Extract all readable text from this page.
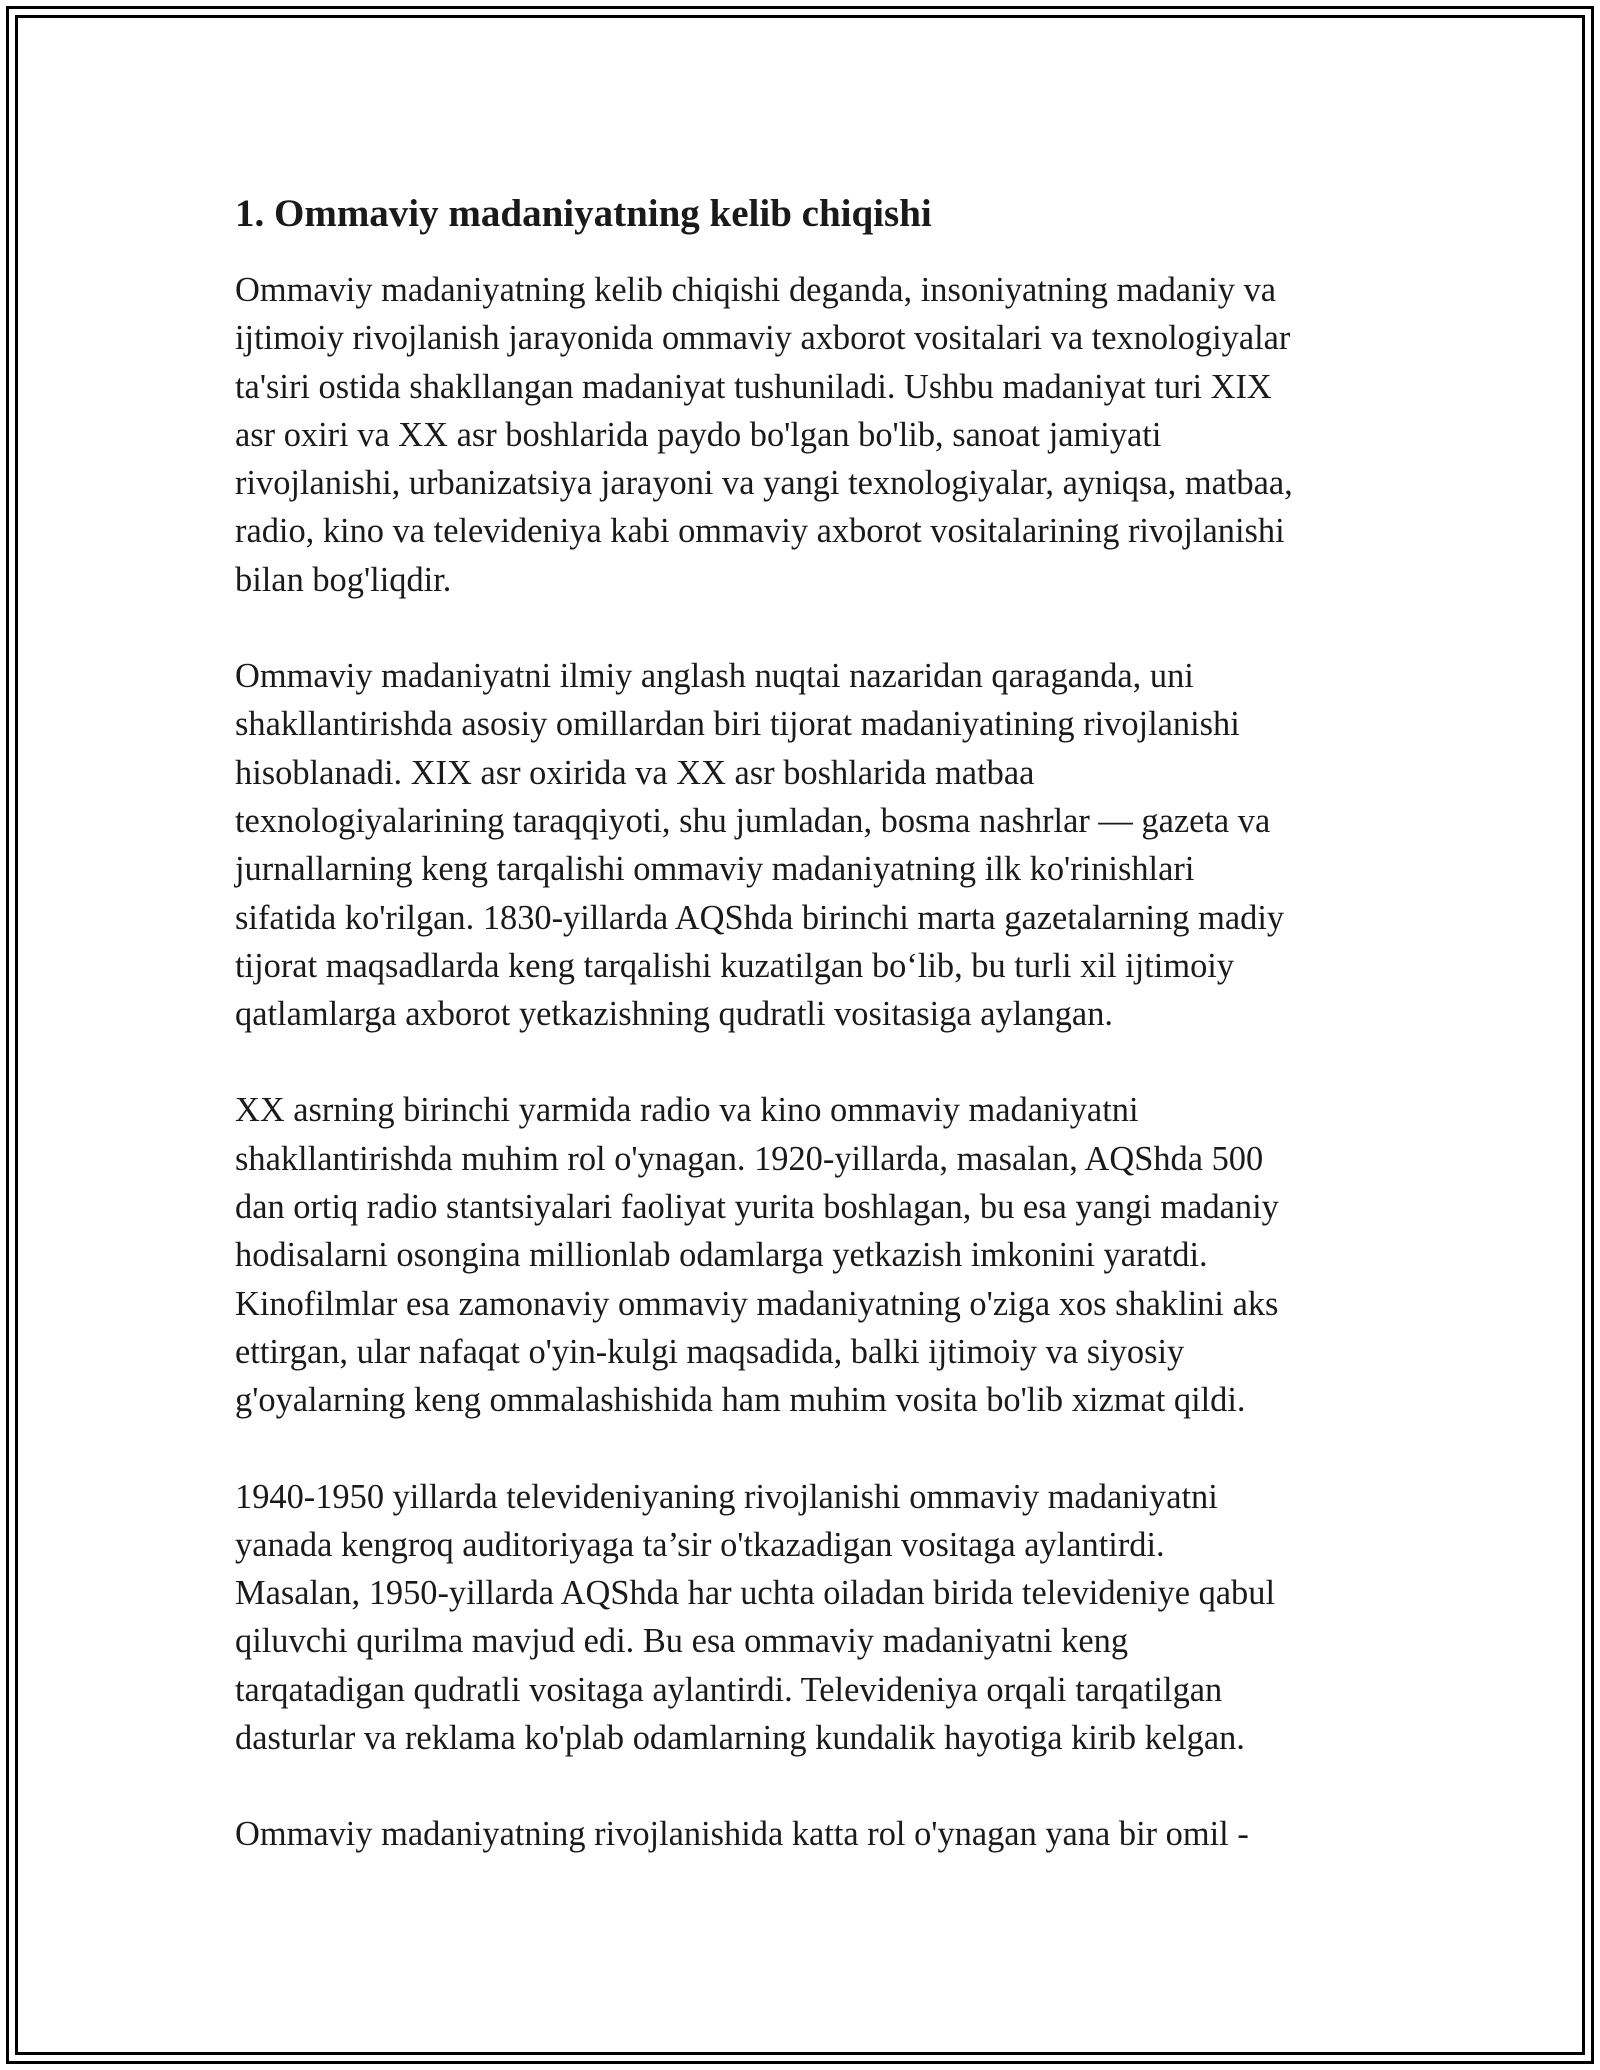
1. Ommaviy madaniyatning kelib chiqishi

Ommaviy madaniyatning kelib chiqishi deganda, insoniyatning madaniy va
ijtimoiy rivojlanish jarayonida ommaviy axborot vositalari va texnologiyalar
ta'siri ostida shakllangan madaniyat tushuniladi. Ushbu madaniyat turi XIX
asr oxiri va XX asr boshlarida paydo bo'lgan bo'lib, sanoat jamiyati
rivojlanishi, urbanizatsiya jarayoni va yangi texnologiyalar, ayniqsa, matbaa,
radio, kino va televideniya kabi ommaviy axborot vositalarining rivojlanishi
bilan bog'liqdir.

Ommaviy madaniyatni ilmiy anglash nuqtai nazaridan qaraganda, uni
shakllantirishda asosiy omillardan biri tijorat madaniyatining rivojlanishi
hisoblanadi. XIX asr oxirida va XX asr boshlarida matbaa
texnologiyalarining taraqqiyoti, shu jumladan, bosma nashrlar — gazeta va
jurnallarning keng tarqalishi ommaviy madaniyatning ilk ko'rinishlari
sifatida ko'rilgan. 1830-yillarda AQShda birinchi marta gazetalarning madiy
tijorat maqsadlarda keng tarqalishi kuzatilgan bo‘lib, bu turli xil ijtimoiy
qatlamlarga axborot yetkazishning qudratli vositasiga aylangan.

XX asrning birinchi yarmida radio va kino ommaviy madaniyatni
shakllantirishda muhim rol o'ynagan. 1920-yillarda, masalan, AQShda 500
dan ortiq radio stantsiyalari faoliyat yurita boshlagan, bu esa yangi madaniy
hodisalarni osongina millionlab odamlarga yetkazish imkonini yaratdi.
Kinofilmlar esa zamonaviy ommaviy madaniyatning o'ziga xos shaklini aks
ettirgan, ular nafaqat o'yin-kulgi maqsadida, balki ijtimoiy va siyosiy
g'oyalarning keng ommalashishida ham muhim vosita bo'lib xizmat qildi.

1940-1950 yillarda televideniyaning rivojlanishi ommaviy madaniyatni
yanada kengroq auditoriyaga ta’sir o'tkazadigan vositaga aylantirdi.
Masalan, 1950-yillarda AQShda har uchta oiladan birida televideniye qabul
qiluvchi qurilma mavjud edi. Bu esa ommaviy madaniyatni keng
tarqatadigan qudratli vositaga aylantirdi. Televideniya orqali tarqatilgan
dasturlar va reklama ko'plab odamlarning kundalik hayotiga kirib kelgan.

Ommaviy madaniyatning rivojlanishida katta rol o'ynagan yana bir omil -
